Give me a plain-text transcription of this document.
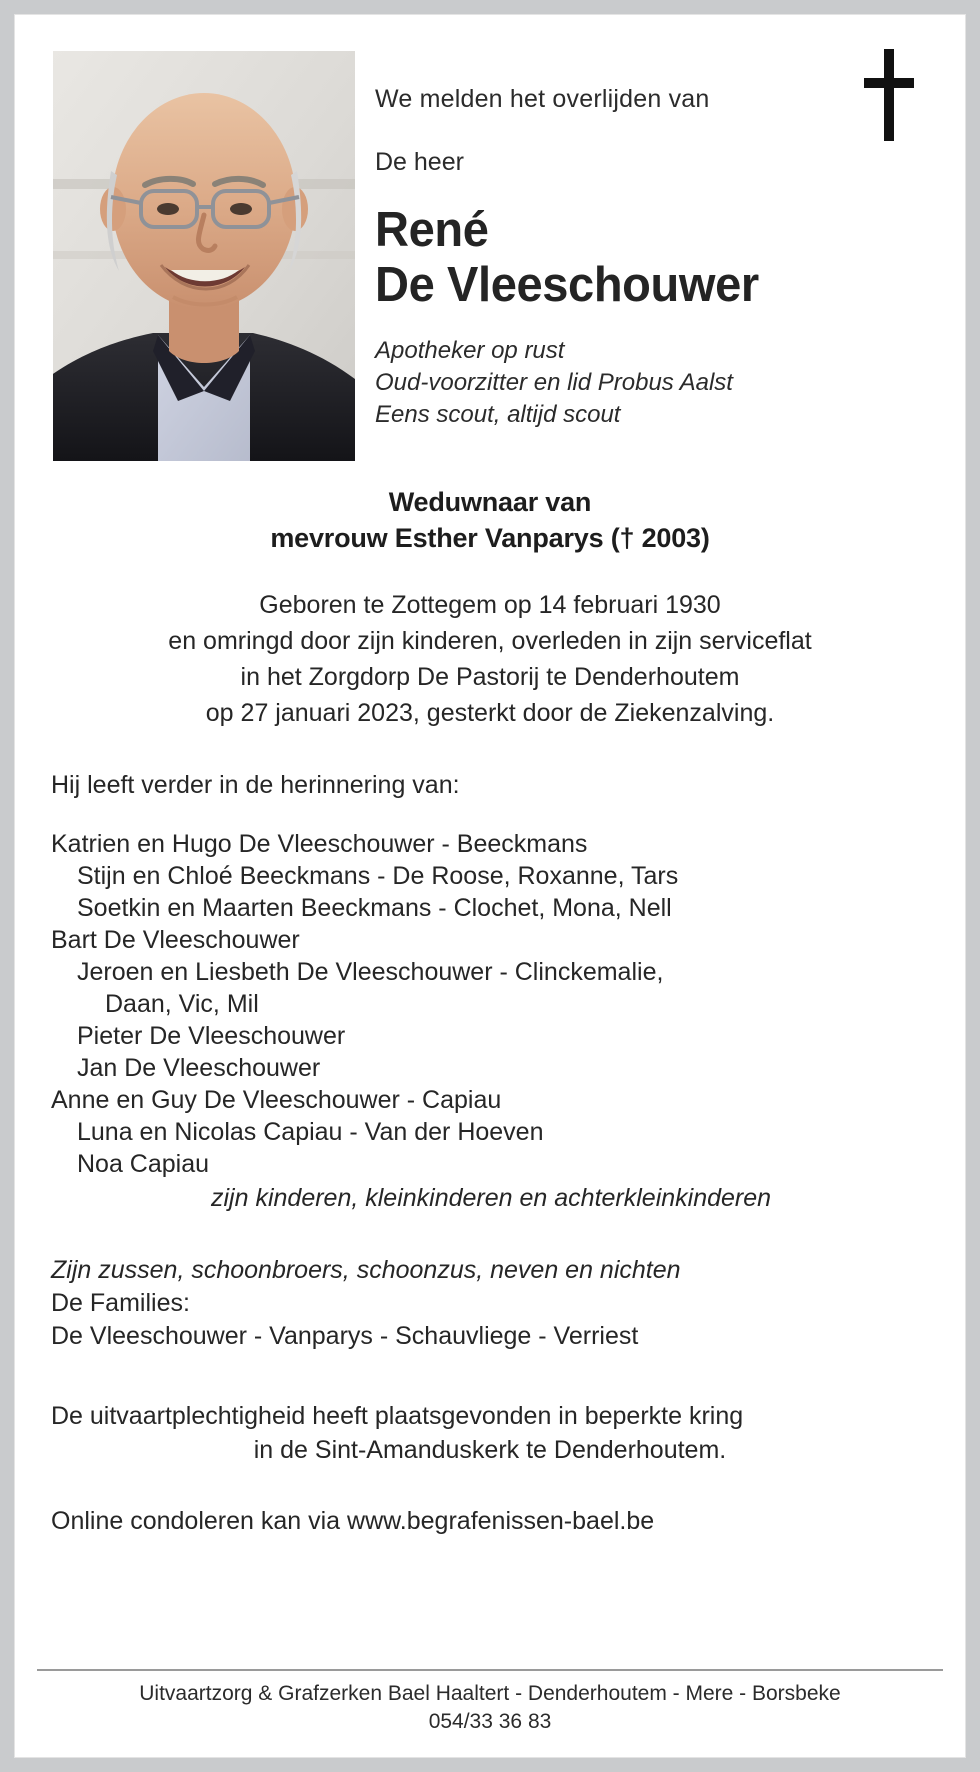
We melden het overlijden van
De heer
René
De Vleeschouwer
Apotheker op rust
Oud-voorzitter en lid Probus Aalst
Eens scout, altijd scout
Weduwnaar van
mevrouw Esther Vanparys († 2003)
Geboren te Zottegem op 14 februari 1930
en omringd door zijn kinderen, overleden in zijn serviceflat
in het Zorgdorp De Pastorij te Denderhoutem
op 27 januari 2023, gesterkt door de Ziekenzalving.
Hij leeft verder in de herinnering van:
Katrien en Hugo De Vleeschouwer - Beeckmans
Stijn en Chloé Beeckmans - De Roose, Roxanne, Tars
Soetkin en Maarten Beeckmans - Clochet, Mona, Nell
Bart De Vleeschouwer
Jeroen en Liesbeth De Vleeschouwer - Clinckemalie,
Daan, Vic, Mil
Pieter De Vleeschouwer
Jan De Vleeschouwer
Anne en Guy De Vleeschouwer - Capiau
Luna en Nicolas Capiau - Van der Hoeven
Noa Capiau
zijn kinderen, kleinkinderen en achterkleinkinderen
Zijn zussen, schoonbroers, schoonzus, neven en nichten
De Families:
De Vleeschouwer - Vanparys - Schauvliege - Verriest
De uitvaartplechtigheid heeft plaatsgevonden in beperkte kring
in de Sint-Amanduskerk te Denderhoutem.
Online condoleren kan via www.begrafenissen-bael.be
Uitvaartzorg & Grafzerken Bael Haaltert - Denderhoutem - Mere - Borsbeke
054/33 36 83
